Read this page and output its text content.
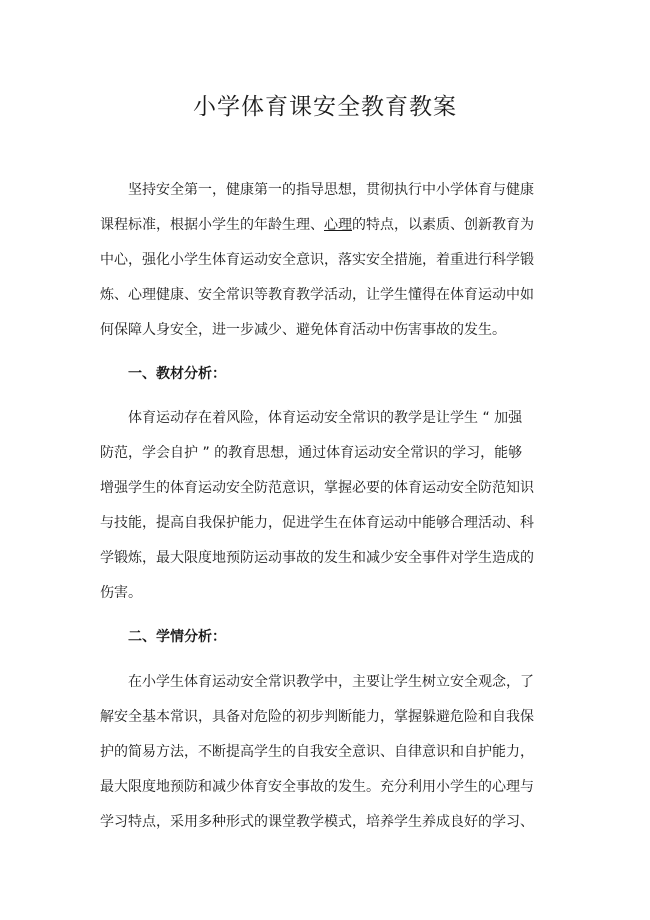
小学体育课安全教育教案

坚持安全第一，健康第一的指导思想，贯彻执行中小学体育与健康

课程标准，根据小学生的年龄生理、心理的特点，以素质、创新教育为

中心，强化小学生体育运动安全意识，落实安全措施，着重进行科学锻

炼、心理健康、安全常识等教育教学活动，让学生懂得在体育运动中如

何保障人身安全，进一步减少、避免体育活动中伤害事故的发生。

一、教材分析：

体育运动存在着风险，体育运动安全常识的教学是让学生 “ 加强

防范，学会自护 ” 的教育思想，通过体育运动安全常识的学习，能够

增强学生的体育运动安全防范意识，掌握必要的体育运动安全防范知识

与技能，提高自我保护能力，促进学生在体育运动中能够合理活动、科

学锻炼，最大限度地预防运动事故的发生和减少安全事件对学生造成的

伤害。

二、学情分析：

在小学生体育运动安全常识教学中，主要让学生树立安全观念，了

解安全基本常识，具备对危险的初步判断能力，掌握躲避危险和自我保

护的简易方法，不断提高学生的自我安全意识、自律意识和自护能力，

最大限度地预防和减少体育安全事故的发生。充分利用小学生的心理与

学习特点，采用多种形式的课堂教学模式，培养学生养成良好的学习、
